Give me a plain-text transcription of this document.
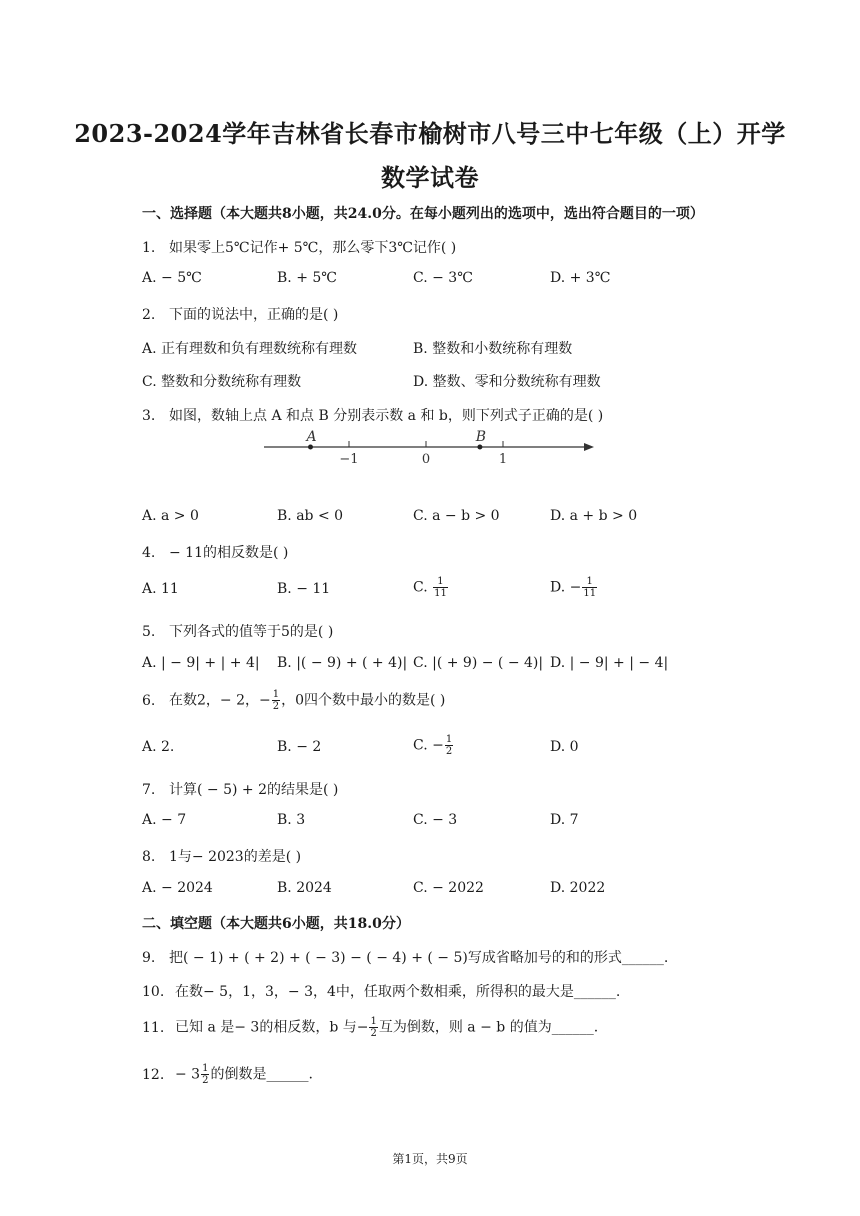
2023-2024学年吉林省长春市榆树市八号三中七年级（上）开学
数学试卷
一、选择题（本大题共8小题，共24.0分。在每小题列出的选项中，选出符合题目的一项）
1. 如果零上5℃记作+ 5℃，那么零下3℃记作( )
A. − 5℃	B. + 5℃	C. − 3℃	D. + 3℃
2. 下面的说法中，正确的是( )
A. 正有理数和负有理数统称有理数	B. 整数和小数统称有理数
C. 整数和分数统称有理数	D. 整数、零和分数统称有理数
3. 如图，数轴上点 A 和点 B 分别表示数 a 和 b，则下列式子正确的是( )
−1	0	1
A	B
A. a > 0	B. ab < 0	C. a − b > 0	D. a + b > 0
4. − 11的相反数是( )
A. 11	B. − 11	C. $\frac{1}{11}$	D. − $\frac{1}{11}$
5. 下列各式的值等于5的是( )
A. | − 9| + | + 4| B. |( − 9) + ( + 4)| C. |( + 9) − ( − 4)| D. | − 9| + | − 4|
6. 在数2，− 2，− $\frac{1}{2}$ ，0四个数中最小的数是( )
A. 2.	B. − 2	C. − $\frac{1}{2}$	D. 0
7. 计算( − 5) + 2的结果是( )
A. − 7	B. 3	C. − 3	D. 7
8. 1与− 2023的差是( )
A. − 2024	B. 2024	C. − 2022	D. 2022
二、填空题（本大题共6小题，共18.0分）
9. 把( − 1) + ( + 2) + ( − 3) − ( − 4) + ( − 5)写成省略加号的和的形式______.
10. 在数− 5，1，3，− 3，4中，任取两个数相乘，所得积的最大是______.
11. 已知 a 是− 3的相反数，b 与− $\frac{1}{2}$ 互为倒数，则 a − b 的值为______.
12. − $3 \frac{1}{2}$ 的倒数是______.
第1页，共9页
